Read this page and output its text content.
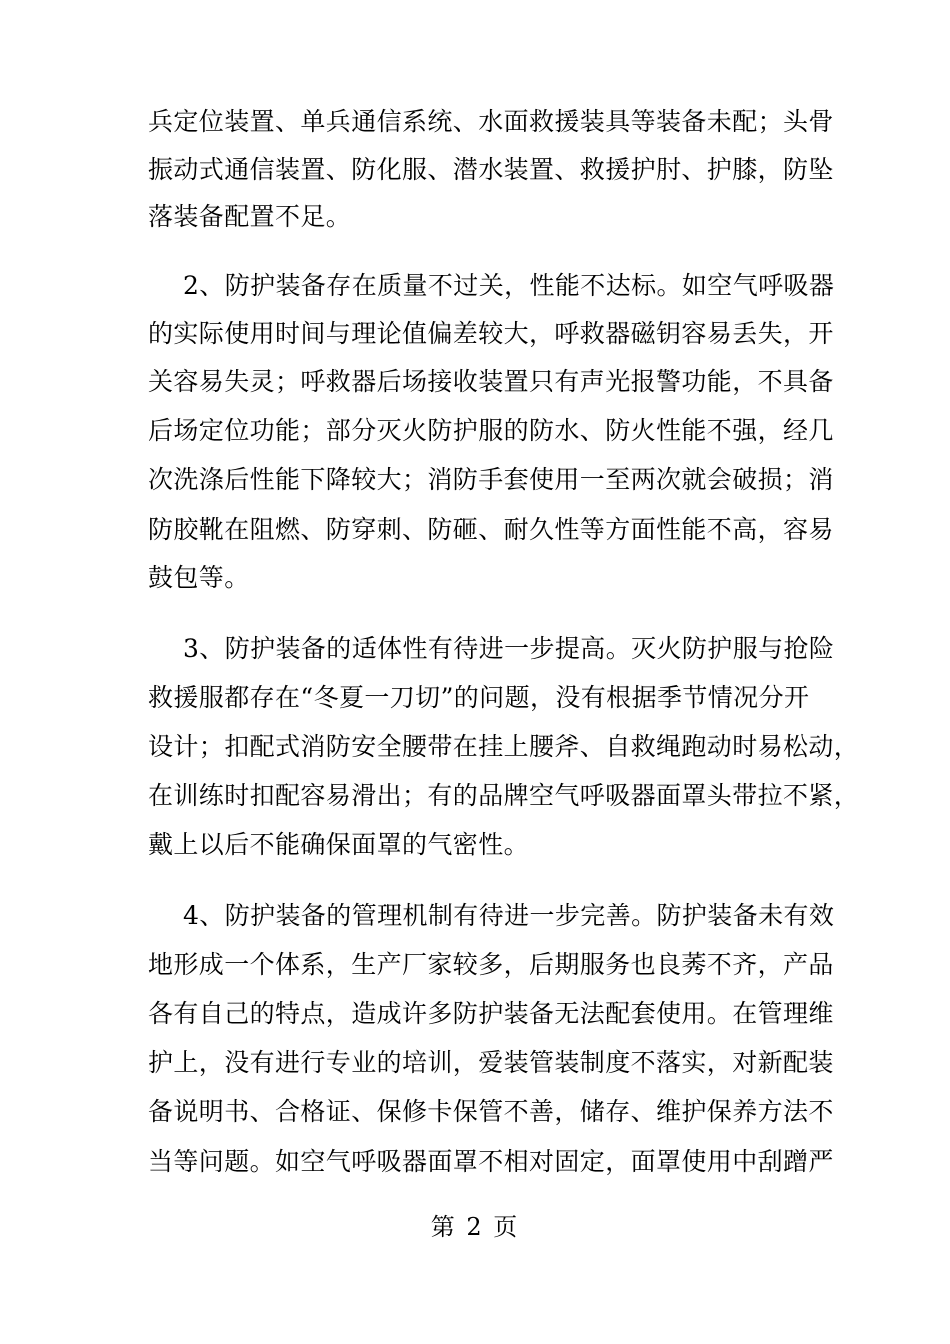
兵定位装置、单兵通信系统、水面救援装具等装备未配；头骨
振动式通信装置、防化服、潜水装置、救援护肘、护膝，防坠
落装备配置不足。
2、防护装备存在质量不过关，性能不达标。如空气呼吸器
的实际使用时间与理论值偏差较大，呼救器磁钥容易丢失，开
关容易失灵；呼救器后场接收装置只有声光报警功能，不具备
后场定位功能；部分灭火防护服的防水、防火性能不强，经几
次洗涤后性能下降较大；消防手套使用一至两次就会破损；消
防胶靴在阻燃、防穿刺、防砸、耐久性等方面性能不高，容易
鼓包等。
3、防护装备的适体性有待进一步提高。灭火防护服与抢险
救援服都存在“冬夏一刀切”的问题，没有根据季节情况分开
设计；扣配式消防安全腰带在挂上腰斧、自救绳跑动时易松动，
在训练时扣配容易滑出；有的品牌空气呼吸器面罩头带拉不紧，
戴上以后不能确保面罩的气密性。
4、防护装备的管理机制有待进一步完善。防护装备未有效
地形成一个体系，生产厂家较多，后期服务也良莠不齐，产品
各有自己的特点，造成许多防护装备无法配套使用。在管理维
护上，没有进行专业的培训，爱装管装制度不落实，对新配装
备说明书、合格证、保修卡保管不善，储存、维护保养方法不
当等问题。如空气呼吸器面罩不相对固定，面罩使用中刮蹭严
第 2 页
